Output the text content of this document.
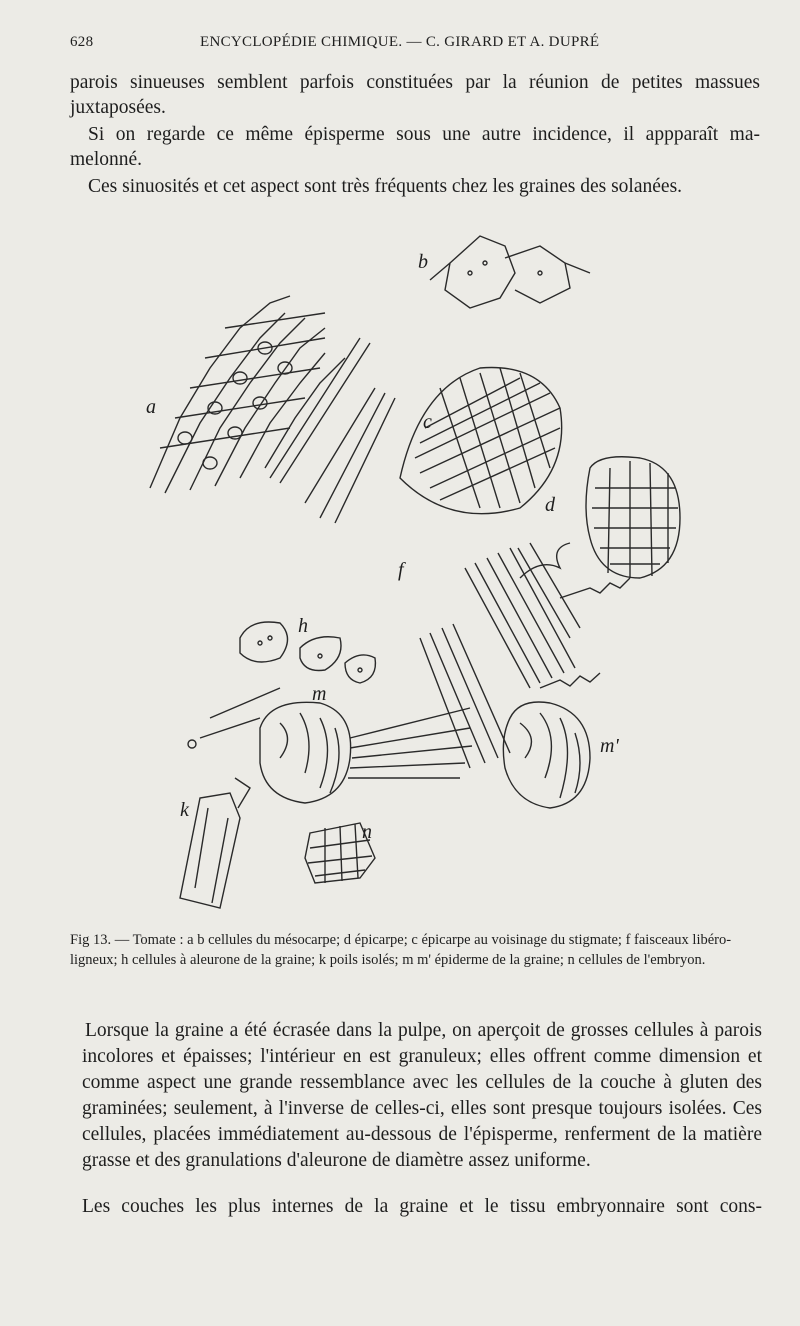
628	ENCYCLOPÉDIE CHIMIQUE. — C. GIRARD ET A. DUPRÉ

parois sinueuses semblent parfois constituées par la réunion de petites massues

juxtaposées.

Si on regarde ce même épisperme sous une autre incidence, il appparaît ma-

melonné.

Ces sinuosités et cet aspect sont très fréquents chez les graines des solanées.

a
b
c
d
f
h
k
m
m'
n

Fig 13. — Tomate : a b cellules du mésocarpe; d épicarpe; c épicarpe au voisinage du stigmate; f faisceaux libéro-ligneux; h cellules à aleurone de la graine; k poils isolés; m m' épiderme de la graine; n cellules de l'embryon.

Lorsque la graine a été écrasée dans la pulpe, on aperçoit de grosses cellules à parois incolores et épaisses; l'intérieur en est granuleux; elles offrent comme dimension et comme aspect une grande ressemblance avec les cellules de la couche à gluten des graminées; seulement, à l'inverse de celles-ci, elles sont presque toujours isolées. Ces cellules, placées immédiatement au-dessous de l'épisperme, renferment de la matière grasse et des granulations d'aleurone de diamètre assez uniforme.

Les couches les plus internes de la graine et le tissu embryonnaire sont cons-
